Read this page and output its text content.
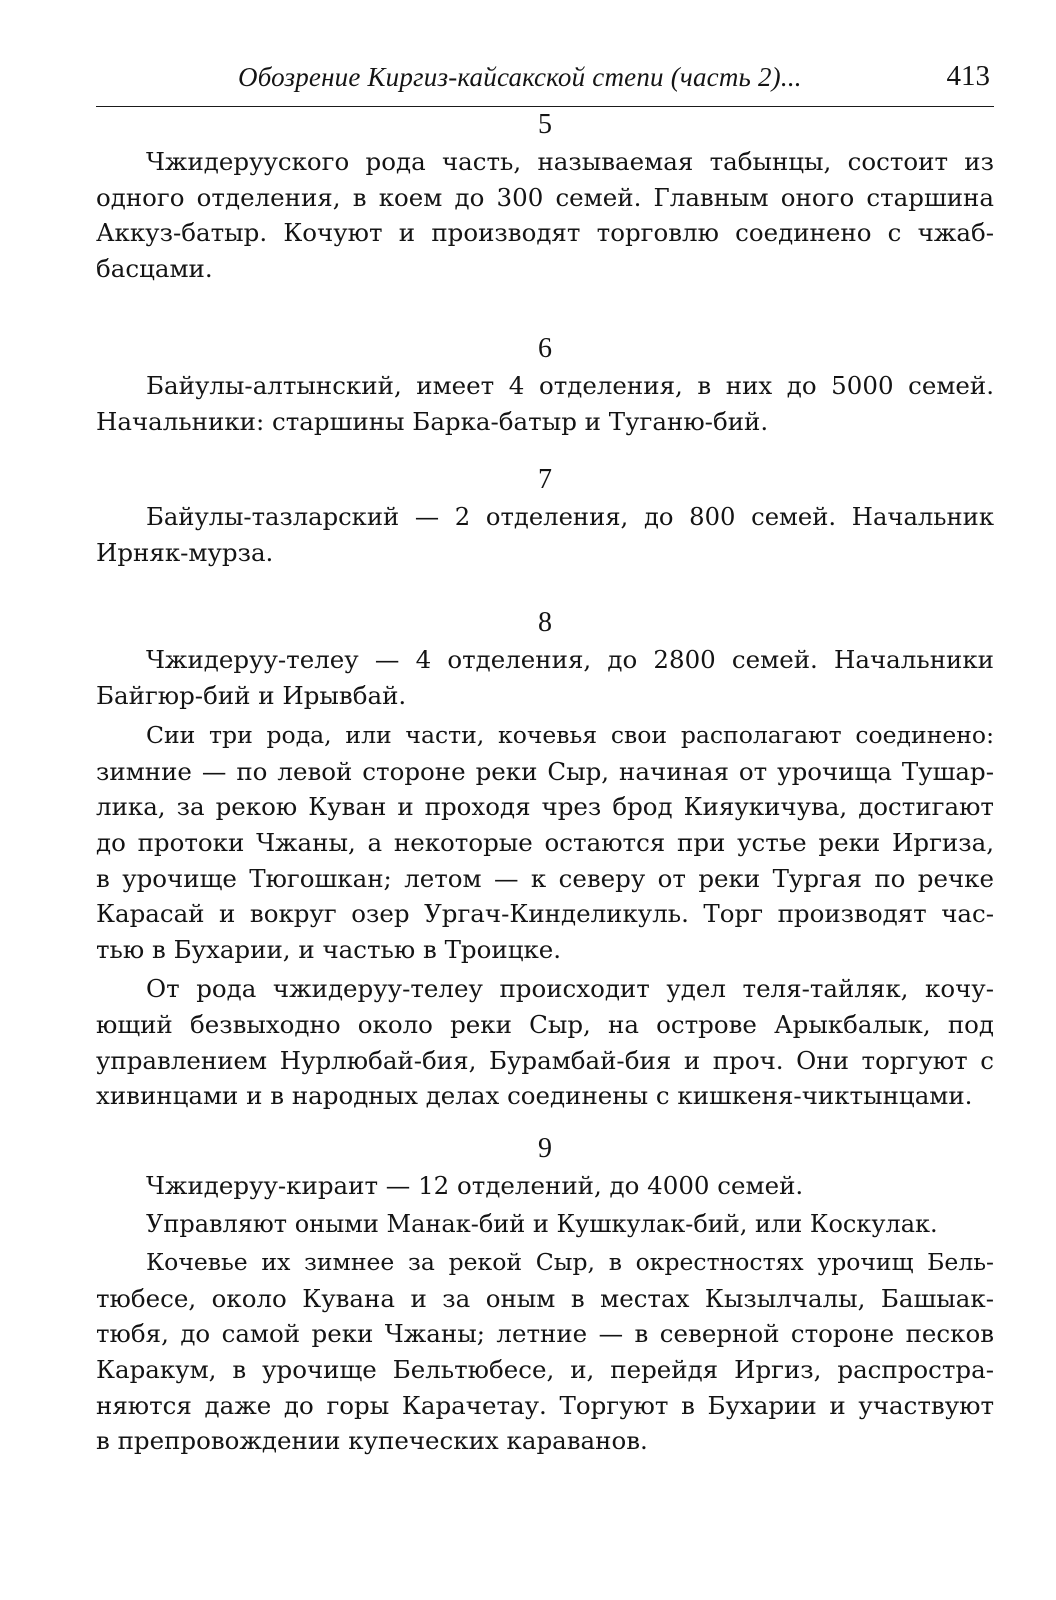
Обозрение Киргиз-кайсакской степи (часть 2)...	413
5
Чжидерууского рода часть, называемая табынцы, состоит из
одного отделения, в коем до 300 семей. Главным оного старшина
Аккуз-батыр. Кочуют и производят торговлю соединено с чжаб-
басцами.
6
Байулы-алтынский, имеет 4 отделения, в них до 5000 семей.
Начальники: старшины Барка-батыр и Туганю-бий.
7
Байулы-тазларский — 2 отделения, до 800 семей. Начальник
Ирняк-мурза.
8
Чжидеруу-телеу — 4 отделения, до 2800 семей. Начальники
Байгюр-бий и Ирывбай.
Сии три рода, или части, кочевья свои располагают соединено:
зимние — по левой стороне реки Сыр, начиная от урочища Тушар-
лика, за рекою Куван и проходя чрез брод Кияукичува, достигают
до протоки Чжаны, а некоторые остаются при устье реки Иргиза,
в урочище Тюгошкан; летом — к северу от реки Тургая по речке
Карасай и вокруг озер Ургач-Кинделикуль. Торг производят час-
тью в Бухарии, и частью в Троицке.
От рода чжидеруу-телеу происходит удел теля-тайляк, кочу-
ющий безвыходно около реки Сыр, на острове Арыкбалык, под
управлением Нурлюбай-бия, Бурамбай-бия и проч. Они торгуют с
хивинцами и в народных делах соединены с кишкеня-чиктынцами.
9
Чжидеруу-кираит — 12 отделений, до 4000 семей.
Управляют оными Манак-бий и Кушкулак-бий, или Коскулак.
Кочевье их зимнее за рекой Сыр, в окрестностях урочищ Бель-
тюбесе, около Кувана и за оным в местах Кызылчалы, Башыак-
тюбя, до самой реки Чжаны; летние — в северной стороне песков
Каракум, в урочище Бельтюбесе, и, перейдя Иргиз, распростра-
няются даже до горы Карачетау. Торгуют в Бухарии и участвуют
в препровождении купеческих караванов.
